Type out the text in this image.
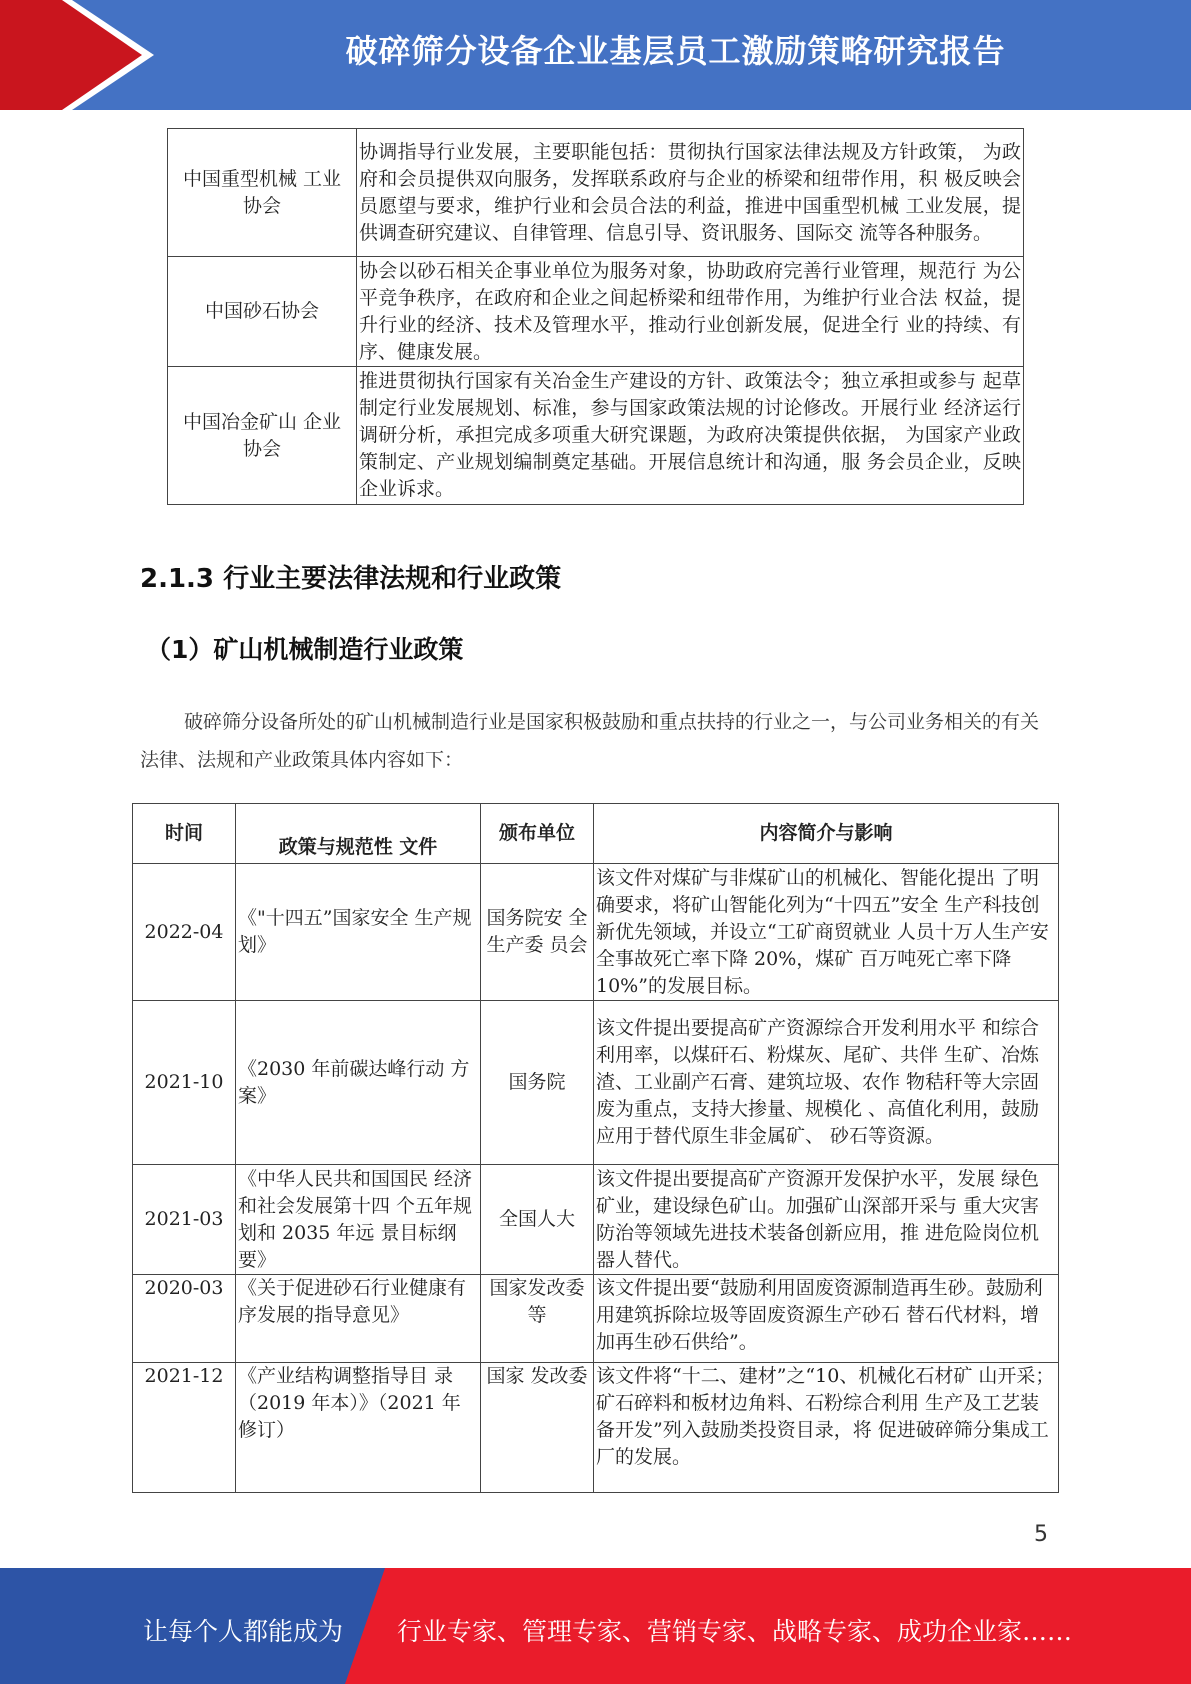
破碎筛分设备企业基层员工激励策略研究报告
中国重型机械 工业协会	协调指导行业发展，主要职能包括：贯彻执行国家法律法规及方针政策， 为政府和会员提供双向服务，发挥联系政府与企业的桥梁和纽带作用，积 极反映会员愿望与要求，维护行业和会员合法的利益，推进中国重型机械 工业发展，提供调查研究建议、自律管理、信息引导、资讯服务、国际交 流等各种服务。
中国砂石协会	协会以砂石相关企事业单位为服务对象，协助政府完善行业管理，规范行 为公平竞争秩序，在政府和企业之间起桥梁和纽带作用，为维护行业合法 权益，提升行业的经济、技术及管理水平，推动行业创新发展，促进全行 业的持续、有序、健康发展。
中国冶金矿山 企业协会	推进贯彻执行国家有关冶金生产建设的方针、政策法令；独立承担或参与 起草制定行业发展规划、标准，参与国家政策法规的讨论修改。开展行业 经济运行调研分析，承担完成多项重大研究课题，为政府决策提供依据， 为国家产业政策制定、产业规划编制奠定基础。开展信息统计和沟通，服 务会员企业，反映企业诉求。
2.1.3 行业主要法律法规和行业政策
（1）矿山机械制造行业政策
破碎筛分设备所处的矿山机械制造行业是国家积极鼓励和重点扶持的行业之一，与公司业务相关的有关法律、法规和产业政策具体内容如下：
时间	政策与规范性 文件	颁布单位	内容简介与影响
2022-04	《"十四五”国家安全 生产规划》	国务院安 全生产委 员会	该文件对煤矿与非煤矿山的机械化、智能化提出 了明确要求，将矿山智能化列为“十四五”安全 生产科技创新优先领域，并设立“工矿商贸就业 人员十万人生产安全事故死亡率下降 20%，煤矿 百万吨死亡率下降 10%”的发展目标。
2021-10	《2030 年前碳达峰行动 方案》	国务院	该文件提出要提高矿产资源综合开发利用水平 和综合利用率，以煤矸石、粉煤灰、尾矿、共伴 生矿、冶炼渣、工业副产石膏、建筑垃圾、农作 物秸秆等大宗固废为重点，支持大掺量、规模化 、高值化利用，鼓励应用于替代原生非金属矿、 砂石等资源。
2021-03	《中华人民共和国国民 经济和社会发展第十四 个五年规划和 2035 年远 景目标纲要》	全国人大	该文件提出要提高矿产资源开发保护水平，发展 绿色矿业，建设绿色矿山。加强矿山深部开采与 重大灾害防治等领域先进技术装备创新应用，推 进危险岗位机器人替代。
2020-03	《关于促进砂石行业健康有序发展的指导意见》	国家发改委等	该文件提出要“鼓励利用固废资源制造再生砂。鼓励利用建筑拆除垃圾等固废资源生产砂石 替石代材料，增加再生砂石供给”。
2021-12	《产业结构调整指导目 录（2019 年本）》（2021 年修订）	国家 发改委	该文件将“十二、建材”之“10、机械化石材矿 山开采；矿石碎料和板材边角料、石粉综合利用 生产及工艺装备开发”列入鼓励类投资目录，将 促进破碎筛分集成工厂的发展。
5
让每个人都能成为 行业专家、管理专家、营销专家、战略专家、成功企业家……
